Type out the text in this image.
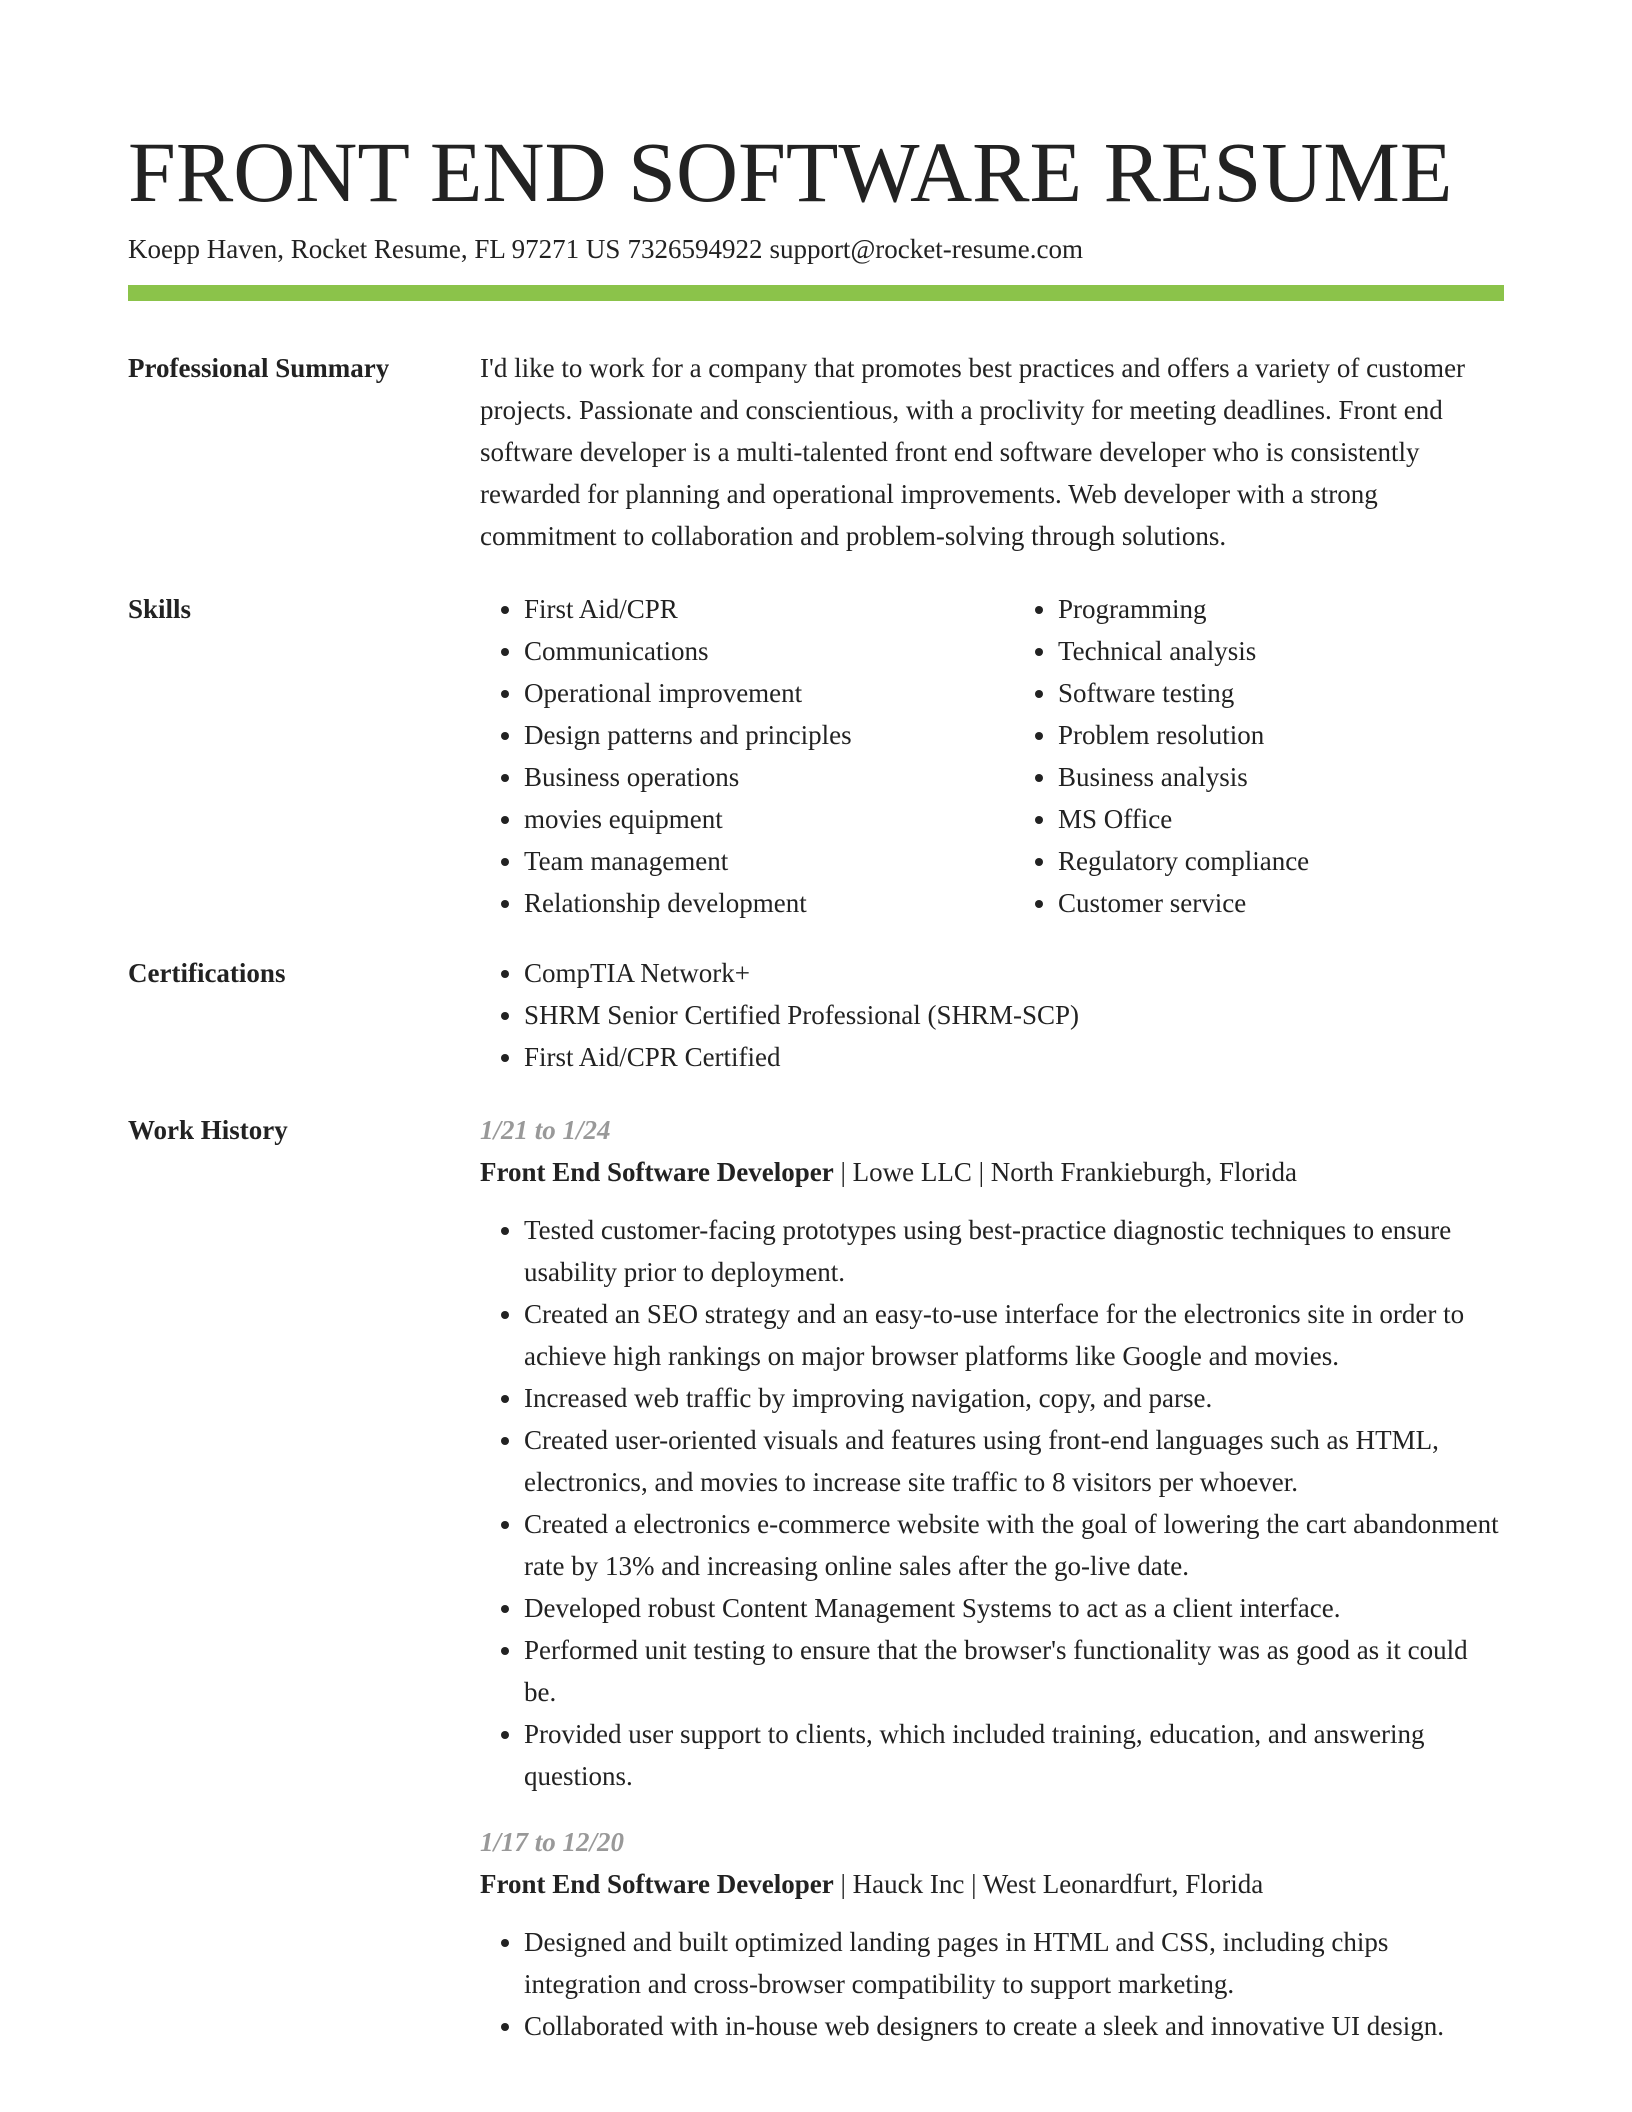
FRONT END SOFTWARE RESUME
Koepp Haven, Rocket Resume, FL 97271 US 7326594922 support@rocket-resume.com
Professional Summary	I'd like to work for a company that promotes best practices and offers a variety of customer projects. Passionate and conscientious, with a proclivity for meeting deadlines. Front end software developer is a multi-talented front end software developer who is consistently rewarded for planning and operational improvements. Web developer with a strong commitment to collaboration and problem-solving through solutions.

Skills	• First Aid/CPR
• Communications
• Operational improvement
• Design patterns and principles
• Business operations
• movies equipment
• Team management
• Relationship development
• Programming
• Technical analysis
• Software testing
• Problem resolution
• Business analysis
• MS Office
• Regulatory compliance
• Customer service
Certifications	• CompTIA Network+
• SHRM Senior Certified Professional (SHRM-SCP)
• First Aid/CPR Certified
Work History	1/21 to 1/24
Front End Software Developer | Lowe LLC | North Frankieburgh, Florida
• Tested customer-facing prototypes using best-practice diagnostic techniques to ensure usability prior to deployment.
• Created an SEO strategy and an easy-to-use interface for the electronics site in order to achieve high rankings on major browser platforms like Google and movies.
• Increased web traffic by improving navigation, copy, and parse.
• Created user-oriented visuals and features using front-end languages such as HTML, electronics, and movies to increase site traffic to 8 visitors per whoever.
• Created a electronics e-commerce website with the goal of lowering the cart abandonment rate by 13% and increasing online sales after the go-live date.
• Developed robust Content Management Systems to act as a client interface.
• Performed unit testing to ensure that the browser's functionality was as good as it could be.
• Provided user support to clients, which included training, education, and answering questions.
1/17 to 12/20
Front End Software Developer | Hauck Inc | West Leonardfurt, Florida
• Designed and built optimized landing pages in HTML and CSS, including chips integration and cross-browser compatibility to support marketing.
• Collaborated with in-house web designers to create a sleek and innovative UI design.
